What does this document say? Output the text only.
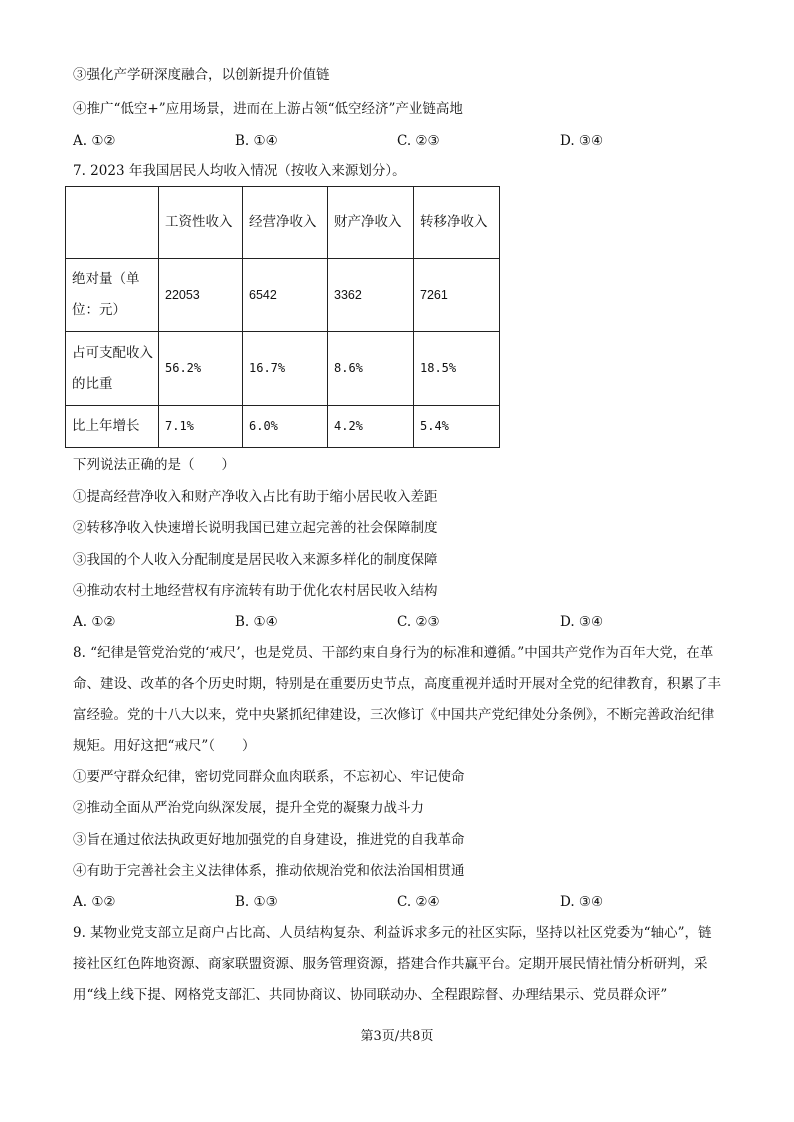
③强化产学研深度融合，以创新提升价值链
④推广“低空+”应用场景，进而在上游占领“低空经济”产业链高地
A. ①②	B. ①④	C. ②③	D. ③④
7. 2023 年我国居民人均收入情况（按收入来源划分）。
	工资性收入	经营净收入	财产净收入	转移净收入
绝对量（单位：元）	22053	6542	3362	7261
占可支配收入的比重	56.2%	16.7%	8.6%	18.5%
比上年增长	7.1%	6.0%	4.2%	5.4%
下列说法正确的是（　　）
①提高经营净收入和财产净收入占比有助于缩小居民收入差距
②转移净收入快速增长说明我国已建立起完善的社会保障制度
③我国的个人收入分配制度是居民收入来源多样化的制度保障
④推动农村土地经营权有序流转有助于优化农村居民收入结构
A. ①②	B. ①④	C. ②③	D. ③④
8. “纪律是管党治党的‘戒尺’，也是党员、干部约束自身行为的标准和遵循。”中国共产党作为百年大党，在革命、建设、改革的各个历史时期，特别是在重要历史节点，高度重视并适时开展对全党的纪律教育，积累了丰富经验。党的十八大以来，党中央紧抓纪律建设，三次修订《中国共产党纪律处分条例》，不断完善政治纪律规矩。用好这把“戒尺”（　　）
①要严守群众纪律，密切党同群众血肉联系，不忘初心、牢记使命
②推动全面从严治党向纵深发展，提升全党的凝聚力战斗力
③旨在通过依法执政更好地加强党的自身建设，推进党的自我革命
④有助于完善社会主义法律体系，推动依规治党和依法治国相贯通
A. ①②	B. ①③	C. ②④	D. ③④
9. 某物业党支部立足商户占比高、人员结构复杂、利益诉求多元的社区实际，坚持以社区党委为“轴心”，链接社区红色阵地资源、商家联盟资源、服务管理资源，搭建合作共赢平台。定期开展民情社情分析研判，采用“线上线下提、网格党支部汇、共同协商议、协同联动办、全程跟踪督、办理结果示、党员群众评”
第3页/共8页
